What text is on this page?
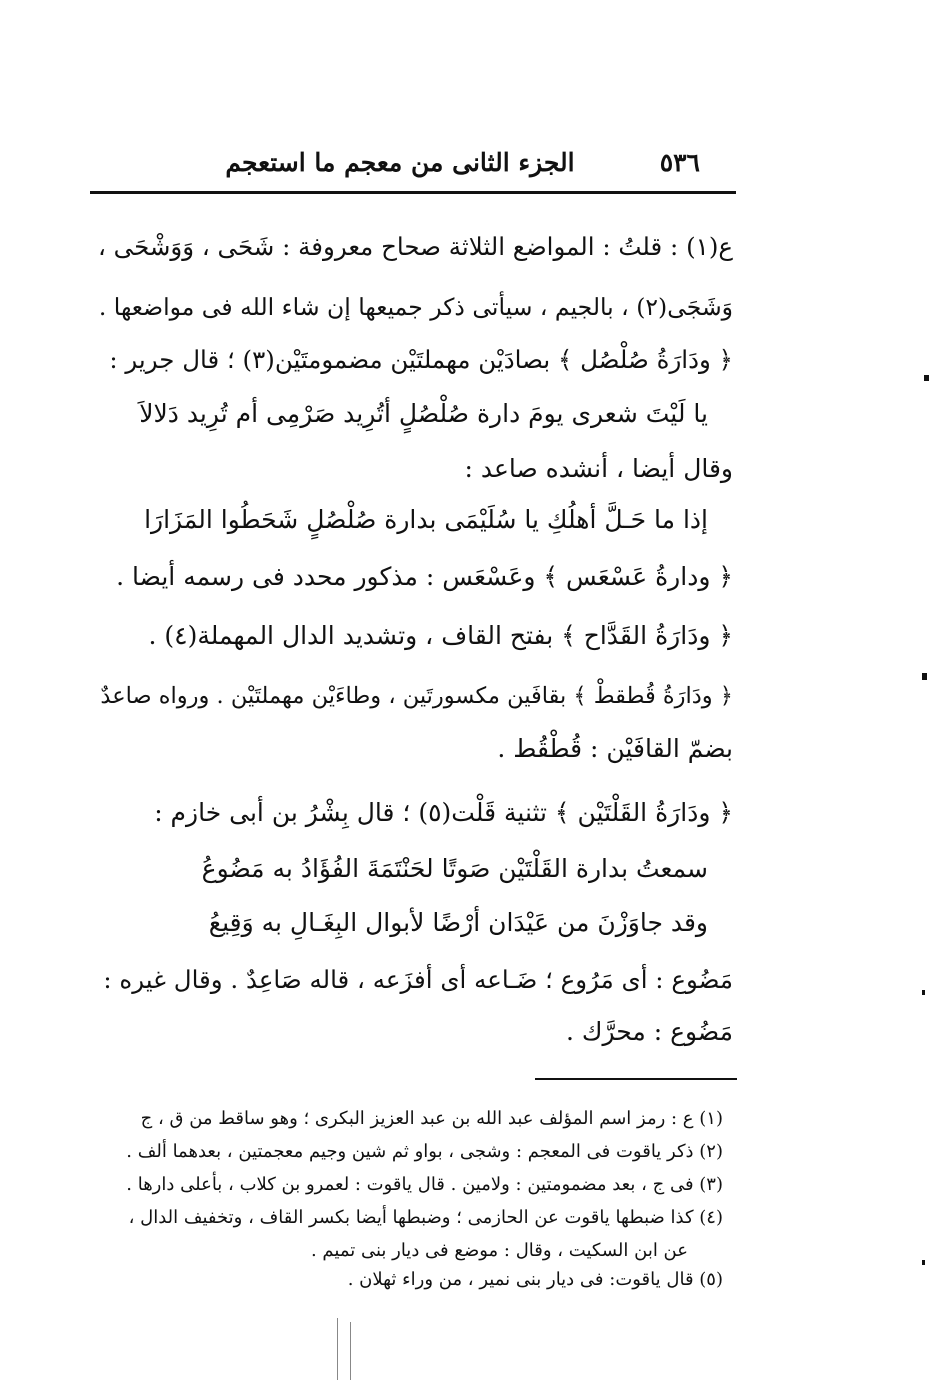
٥٣٦
الجزء الثانى من معجم ما استعجم
ع(١) : قلتُ : المواضع الثلاثة صحاح معروفة : شَحَى ، وَوَشْحَى ،
وَشَجَى(٢) ، بالجيم ، سيأتى ذكر جميعها إن شاء الله فى مواضعها .
﴿ ودَارَةُ صُلْصُل ﴾ بصادَيْن مهملتَيْن مضمومتَيْن(٣) ؛ قال جرير :
يا لَيْتَ شعرى يومَ دارة صُلْصُلٍ أتُرِيد صَرْمِى أم تُرِيد دَلالاَ
وقال أيضا ، أنشده صاعد :
إذا ما حَـلَّ أهلُكِ يا سُلَيْمَى بدارة صُلْصُلٍ شَحَطُوا المَزَارَا
﴿ ودارةُ عَسْعَس ﴾ وعَسْعَس : مذكور محدد فى رسمه أيضا .
﴿ ودَارَةُ القَدَّاح ﴾ بفتح القاف ، وتشديد الدال المهملة(٤) .
﴿ ودَارَةُ قُطقطْ ﴾ بقافَين مكسورتَين ، وطاءَيْن مهملتَيْن . ورواه صاعدٌ
بضمّ القافَيْن : قُطْقُط .
﴿ ودَارَةُ القَلْتَيْن ﴾ تثنية قَلْت(٥) ؛ قال بِشْرُ بن أبى خازم :
سمعتُ بدارة القَلْتَيْن صَوتًا لحَنْتَمَةَ الفُؤَادُ به مَضُوعُ
وقد جاوَزْنَ من عَيْدَان أرْضًا لأبوال البِغَـالِ به وَقِيعُ
مَضُوع : أى مَرُوع ؛ ضَـاعه أى أفزَعه ، قاله صَاعِدٌ . وقال غيره :
مَضُوع : محرَّك .
(١) ع : رمز اسم المؤلف عبد الله بن عبد العزيز البكرى ؛ وهو ساقط من ق ، ج
(٢) ذكر ياقوت فى المعجم : وشجى ، بواو ثم شين وجيم معجمتين ، بعدهما ألف .
(٣) فى ج ، بعد مضمومتين : ولامين . قال ياقوت : لعمرو بن كلاب ، بأعلى دارها .
(٤) كذا ضبطها ياقوت عن الحازمى ؛ وضبطها أيضا بكسر القاف ، وتخفيف الدال ،
عن ابن السكيت ، وقال : موضع فى ديار بنى تميم .
(٥) قال ياقوت: فى ديار بنى نمير ، من وراء ثهلان .
